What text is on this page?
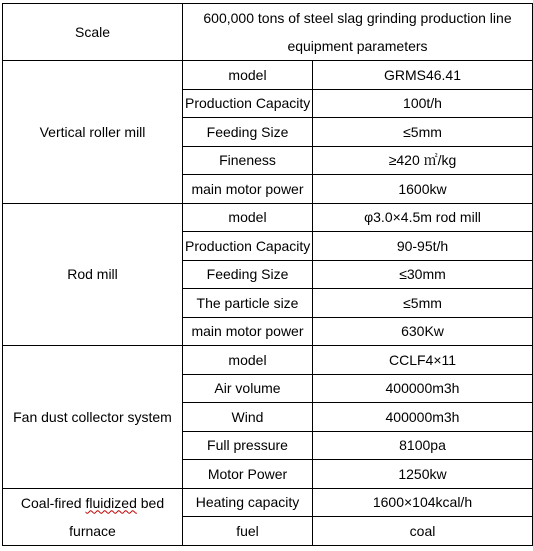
Scale	600,000 tons of steel slag grinding production line equipment parameters	
Vertical roller mill	model	GRMS46.41
	Production Capacity	100t/h
	Feeding Size	≤5mm
	Fineness	≥420 ㎡/kg
	main motor power	1600kw
Rod mill	model	φ3.0×4.5m rod mill
	Production Capacity	90-95t/h
	Feeding Size	≤30mm
	The particle size	≤5mm
	main motor power	630Kw
Fan dust collector system	model	CCLF4×11
	Air volume	400000m3h
	Wind	400000m3h
	Full pressure	8100pa
	Motor Power	1250kw
Coal-fired fluidized bed furnace	Heating capacity	1600×104kcal/h
	fuel	coal
